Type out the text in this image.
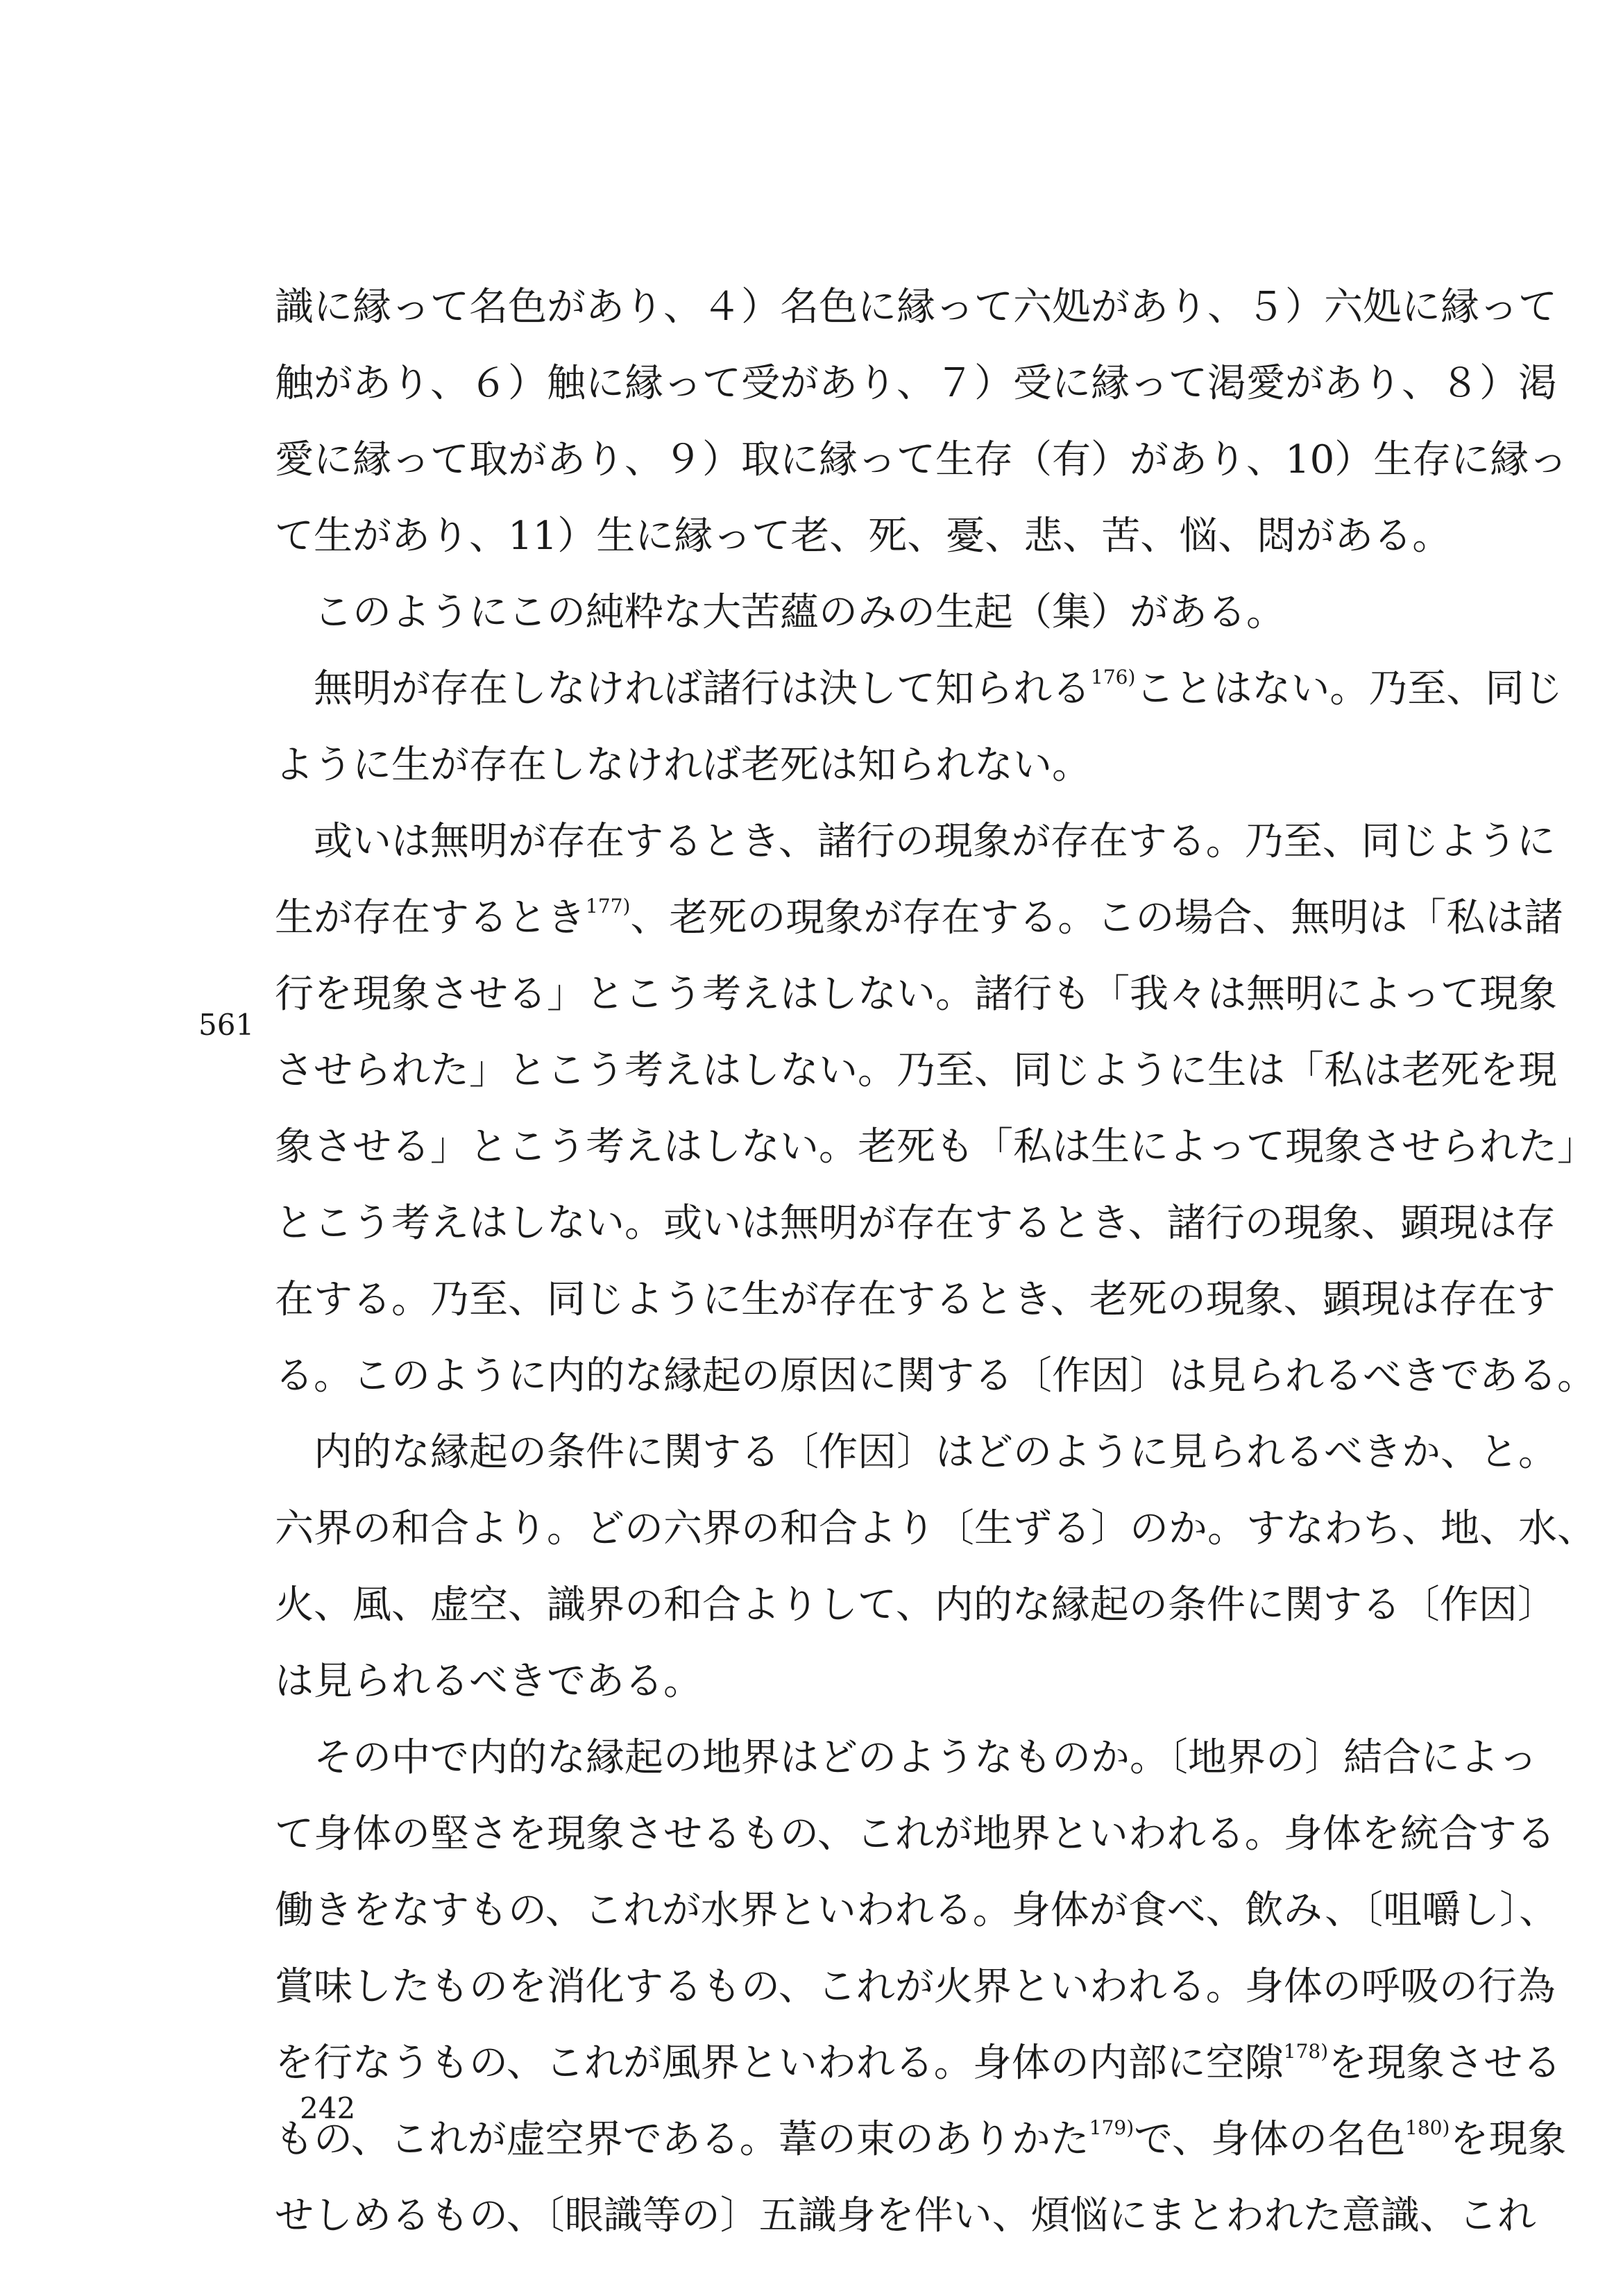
561
識に縁って名色があり、４）名色に縁って六処があり、５）六処に縁って
触があり、６）触に縁って受があり、７）受に縁って渇愛があり、８）渇
愛に縁って取があり、９）取に縁って生存（有）があり、10）生存に縁っ
て生があり、11）生に縁って老、死、憂、悲、苦、悩、悶がある。
このようにこの純粋な大苦蘊のみの生起（集）がある。
無明が存在しなければ諸行は決して知られる$^{176)}$ことはない。乃至、同じ
ように生が存在しなければ老死は知られない。
或いは無明が存在するとき、諸行の現象が存在する。乃至、同じように
生が存在するとき$^{177)}$、老死の現象が存在する。この場合、無明は「私は諸
行を現象させる」とこう考えはしない。諸行も「我々は無明によって現象
させられた」とこう考えはしない。乃至、同じように生は「私は老死を現
象させる」とこう考えはしない。老死も「私は生によって現象させられた」
とこう考えはしない。或いは無明が存在するとき、諸行の現象、顕現は存
在する。乃至、同じように生が存在するとき、老死の現象、顕現は存在す
る。このように内的な縁起の原因に関する〔作因〕は見られるべきである。
内的な縁起の条件に関する〔作因〕はどのように見られるべきか、と。
六界の和合より。どの六界の和合より〔生ずる〕のか。すなわち、地、水、
火、風、虚空、識界の和合よりして、内的な縁起の条件に関する〔作因〕
は見られるべきである。
その中で内的な縁起の地界はどのようなものか。〔地界の〕結合によっ
て身体の堅さを現象させるもの、これが地界といわれる。身体を統合する
働きをなすもの、これが水界といわれる。身体が食べ、飲み、〔咀嚼し〕、
賞味したものを消化するもの、これが火界といわれる。身体の呼吸の行為
を行なうもの、これが風界といわれる。身体の内部に空隙$^{178)}$を現象させる
もの、これが虚空界である。葦の束のありかた$^{179)}$で、身体の名色$^{180)}$を現象
せしめるもの、〔眼識等の〕五識身を伴い、煩悩にまとわれた意識、これ
242
